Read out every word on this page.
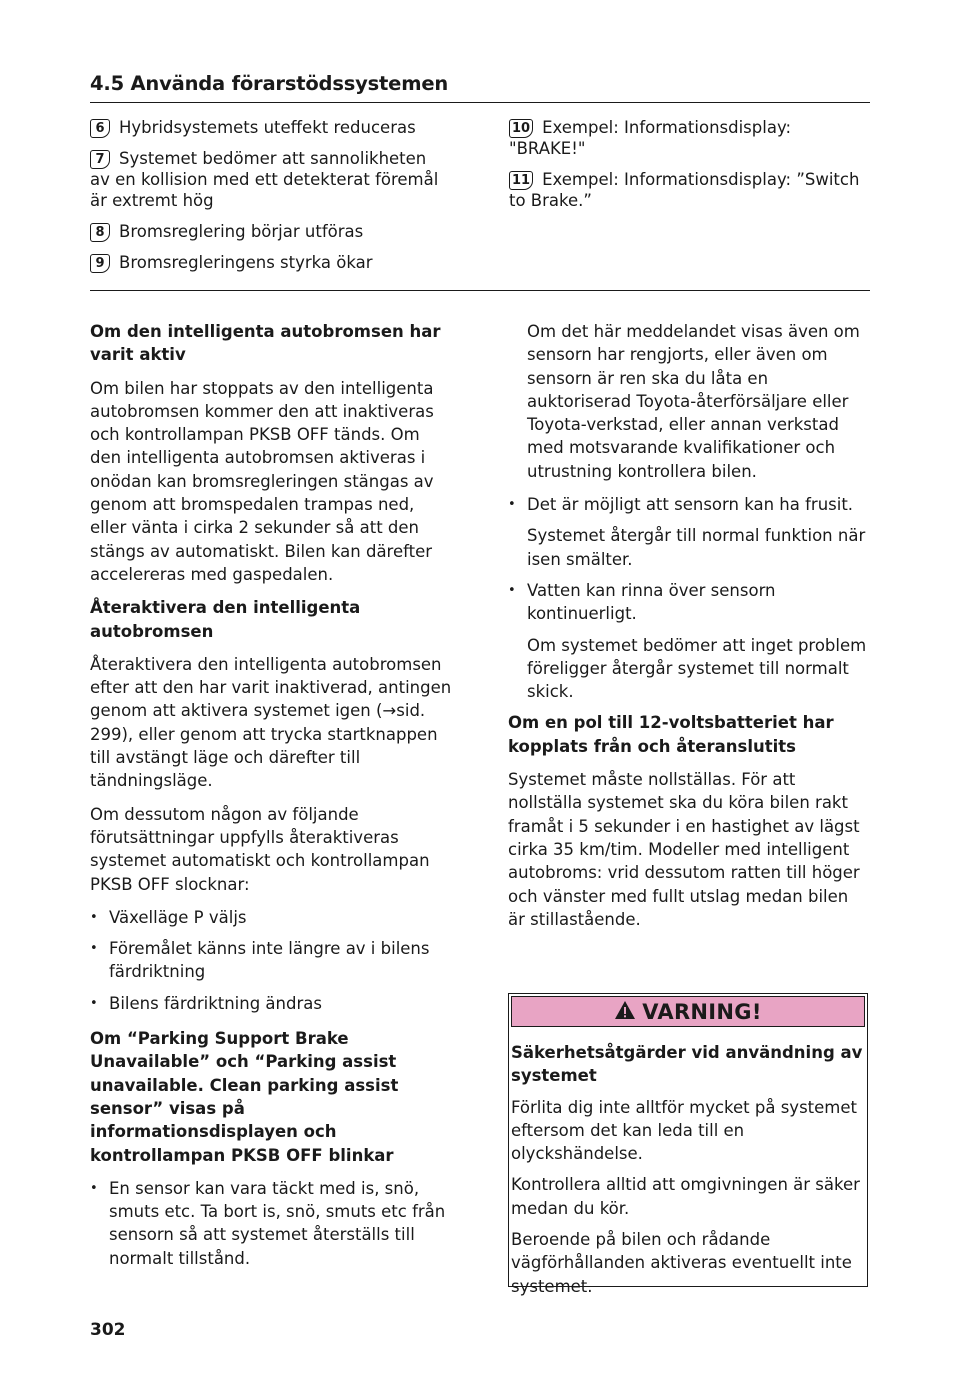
4.5 Använda förarstödssystemen
6 Hybridsystemets uteffekt reduceras
7 Systemet bedömer att sannolikheten av en kollision med ett detekterat föremål är extremt hög
8 Bromsreglering börjar utföras
9 Bromsregleringens styrka ökar
10 Exempel: Informationsdisplay: "BRAKE!"
11 Exempel: Informationsdisplay: ”Switch to Brake.”
Om den intelligenta autobromsen har varit aktiv

Om bilen har stoppats av den intelligenta autobromsen kommer den att inaktiveras och kontrollampan PKSB OFF tänds. Om den intelligenta autobromsen aktiveras i onödan kan bromsregleringen stängas av genom att bromspedalen trampas ned, eller vänta i cirka 2 sekunder så att den stängs av automatiskt. Bilen kan därefter accelereras med gaspedalen.

Återaktivera den intelligenta autobromsen

Återaktivera den intelligenta autobromsen efter att den har varit inaktiverad, antingen genom att aktivera systemet igen (→sid. 299), eller genom att trycka startknappen till avstängt läge och därefter till tändningsläge.

Om dessutom någon av följande förutsättningar uppfylls återaktiveras systemet automatiskt och kontrollampan PKSB OFF slocknar:

• Växelläge P väljs
• Föremålet känns inte längre av i bilens färdriktning
• Bilens färdriktning ändras
Om “Parking Support Brake Unavailable” och “Parking assist unavailable. Clean parking assist sensor” visas på informationsdisplayen och kontrollampan PKSB OFF blinkar
• En sensor kan vara täckt med is, snö, smuts etc. Ta bort is, snö, smuts etc från sensorn så att systemet återställs till normalt tillstånd.

Om det här meddelandet visas även om sensorn har rengjorts, eller även om sensorn är ren ska du låta en auktoriserad Toyota-återförsäljare eller Toyota-verkstad, eller annan verkstad med motsvarande kvalifikationer och utrustning kontrollera bilen.

• Det är möjligt att sensorn kan ha frusit.
Systemet återgår till normal funktion när isen smälter.
• Vatten kan rinna över sensorn kontinuerligt.
Om systemet bedömer att inget problem föreligger återgår systemet till normalt skick.
Om en pol till 12-voltsbatteriet har kopplats från och återanslutits

Systemet måste nollställas. För att nollställa systemet ska du köra bilen rakt framåt i 5 sekunder i en hastighet av lägst cirka 35 km/tim. Modeller med intelligent autobroms: vrid dessutom ratten till höger och vänster med fullt utslag medan bilen är stillastående.

VARNING!
Säkerhetsåtgärder vid användning av systemet

Förlita dig inte alltför mycket på systemet eftersom det kan leda till en olyckshändelse.

Kontrollera alltid att omgivningen är säker medan du kör.

Beroende på bilen och rådande vägförhållanden aktiveras eventuellt inte systemet.

302
